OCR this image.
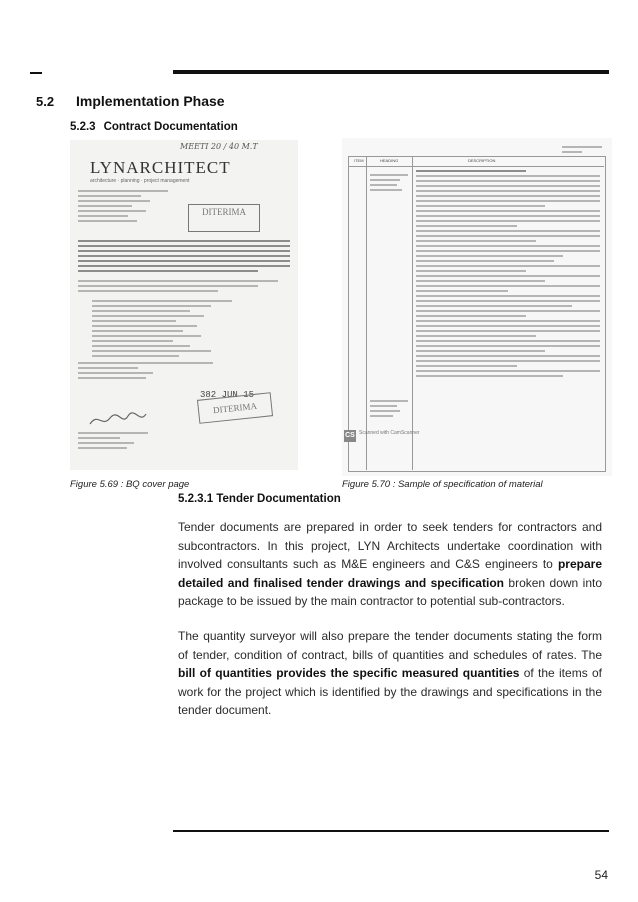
5.2 Implementation Phase
5.2.3 Contract Documentation
MEETI 20 / 40 M.T
LYNARCHITECT
architecture · planning · project management
DITERIMA
382 JUN 15
DITERIMA
ITEM	HEADING	DESCRIPTION
CS Scanned with CamScanner
Figure 5.69 : BQ cover page	Figure 5.70 : Sample of specification of material
5.2.3.1 Tender Documentation
Tender documents are prepared in order to seek tenders for contractors and subcontractors. In this project, LYN Architects undertake coordination with involved consultants such as M&E engineers and C&S engineers to prepare detailed and finalised tender drawings and specification broken down into package to be issued by the main contractor to potential sub-contractors.
The quantity surveyor will also prepare the tender documents stating the form of tender, condition of contract, bills of quantities and schedules of rates. The bill of quantities provides the specific measured quantities of the items of work for the project which is identified by the drawings and specifications in the tender document.
54
